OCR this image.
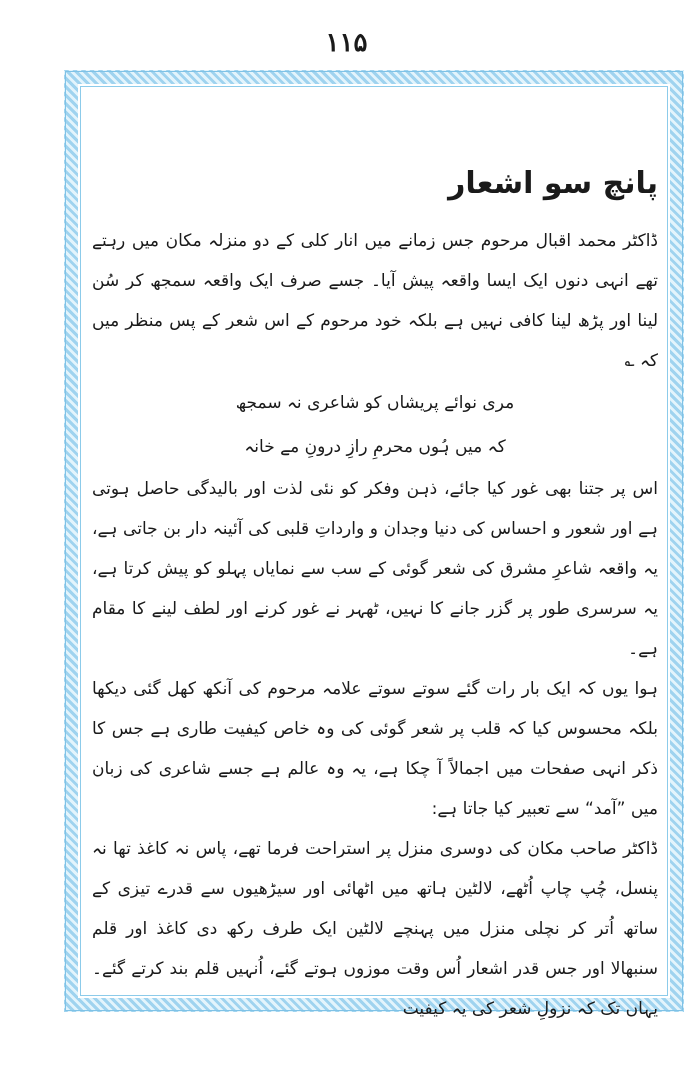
۱۱۵
پانچ سو اشعار

ڈاکٹر محمد اقبال مرحوم جس زمانے میں انار کلی کے دو منزلہ مکان میں رہتے تھے انہی دنوں ایک ایسا واقعہ پیش آیا۔ جسے صرف ایک واقعہ سمجھ کر سُن لینا اور پڑھ لینا کافی نہیں ہے بلکہ خود مرحوم کے اس شعر کے پس منظر میں کہ ؎

مری نوائے پریشاں کو شاعری نہ سمجھ

کہ میں ہُوں محرمِ رازِ درونِ مے خانہ

اس پر جتنا بھی غور کیا جائے، ذہن وفکر کو نئی لذت اور بالیدگی حاصل ہوتی ہے اور شعور و احساس کی دنیا وجدان و وارداتِ قلبی کی آئینہ دار بن جاتی ہے، یہ واقعہ شاعرِ مشرق کی شعر گوئی کے سب سے نمایاں پہلو کو پیش کرتا ہے، یہ سرسری طور پر گزر جانے کا نہیں، ٹھہر نے غور کرنے اور لطف لینے کا مقام ہے۔

ہوا یوں کہ ایک بار رات گئے سوتے سوتے علامہ مرحوم کی آنکھ کھل گئی دیکھا بلکہ محسوس کیا کہ قلب پر شعر گوئی کی وہ خاص کیفیت طاری ہے جس کا ذکر انہی صفحات میں اجمالاً آ چکا ہے، یہ وہ عالم ہے جسے شاعری کی زبان میں ”آمد“ سے تعبیر کیا جاتا ہے:

ڈاکٹر صاحب مکان کی دوسری منزل پر استراحت فرما تھے، پاس نہ کاغذ تھا نہ پنسل، چُپ چاپ اُٹھے، لالٹین ہاتھ میں اٹھائی اور سیڑھیوں سے قدرے تیزی کے ساتھ اُتر کر نچلی منزل میں پہنچے لالٹین ایک طرف رکھ دی کاغذ اور قلم سنبھالا اور جس قدر اشعار اُس وقت موزوں ہوتے گئے، اُنہیں قلم بند کرتے گئے۔ یہاں تک کہ نزولِ شعر کی یہ کیفیت
